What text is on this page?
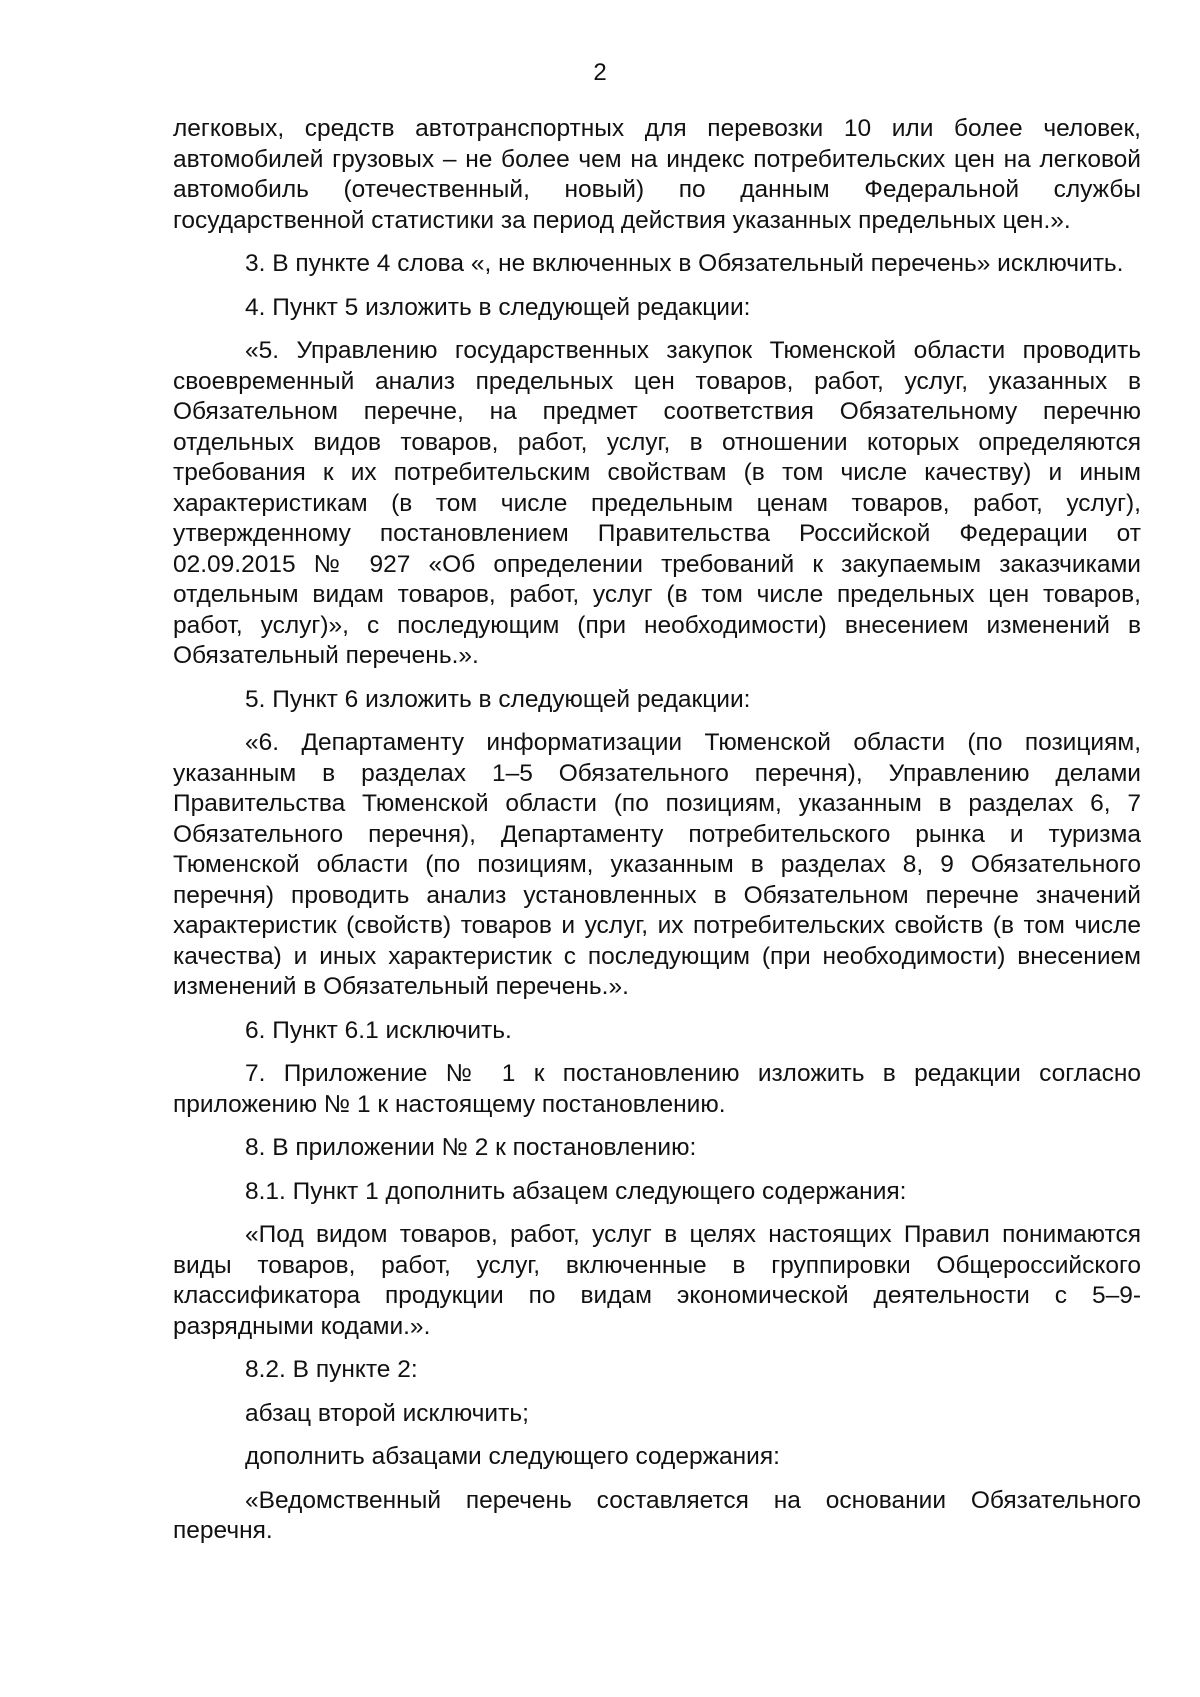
2

легковых, средств автотранспортных для перевозки 10 или более человек, автомобилей грузовых – не более чем на индекс потребительских цен на легковой автомобиль (отечественный, новый) по данным Федеральной службы государственной статистики за период действия указанных предельных цен.».

3. В пункте 4 слова «, не включенных в Обязательный перечень» исключить.

4. Пункт 5 изложить в следующей редакции:

«5. Управлению государственных закупок Тюменской области проводить своевременный анализ предельных цен товаров, работ, услуг, указанных в Обязательном перечне, на предмет соответствия Обязательному перечню отдельных видов товаров, работ, услуг, в отношении которых определяются требования к их потребительским свойствам (в том числе качеству) и иным характеристикам (в том числе предельным ценам товаров, работ, услуг), утвержденному постановлением Правительства Российской Федерации от 02.09.2015 № 927 «Об определении требований к закупаемым заказчиками отдельным видам товаров, работ, услуг (в том числе предельных цен товаров, работ, услуг)», с последующим (при необходимости) внесением изменений в Обязательный перечень.».

5. Пункт 6 изложить в следующей редакции:

«6. Департаменту информатизации Тюменской области (по позициям, указанным в разделах 1–5 Обязательного перечня), Управлению делами Правительства Тюменской области (по позициям, указанным в разделах 6, 7 Обязательного перечня), Департаменту потребительского рынка и туризма Тюменской области (по позициям, указанным в разделах 8, 9 Обязательного перечня) проводить анализ установленных в Обязательном перечне значений характеристик (свойств) товаров и услуг, их потребительских свойств (в том числе качества) и иных характеристик с последующим (при необходимости) внесением изменений в Обязательный перечень.».

6. Пункт 6.1 исключить.

7. Приложение № 1 к постановлению изложить в редакции согласно приложению № 1 к настоящему постановлению.

8. В приложении № 2 к постановлению:

8.1. Пункт 1 дополнить абзацем следующего содержания:

«Под видом товаров, работ, услуг в целях настоящих Правил понимаются виды товаров, работ, услуг, включенные в группировки Общероссийского классификатора продукции по видам экономической деятельности с 5–9-разрядными кодами.».

8.2. В пункте 2:

абзац второй исключить;

дополнить абзацами следующего содержания:

«Ведомственный перечень составляется на основании Обязательного перечня.
